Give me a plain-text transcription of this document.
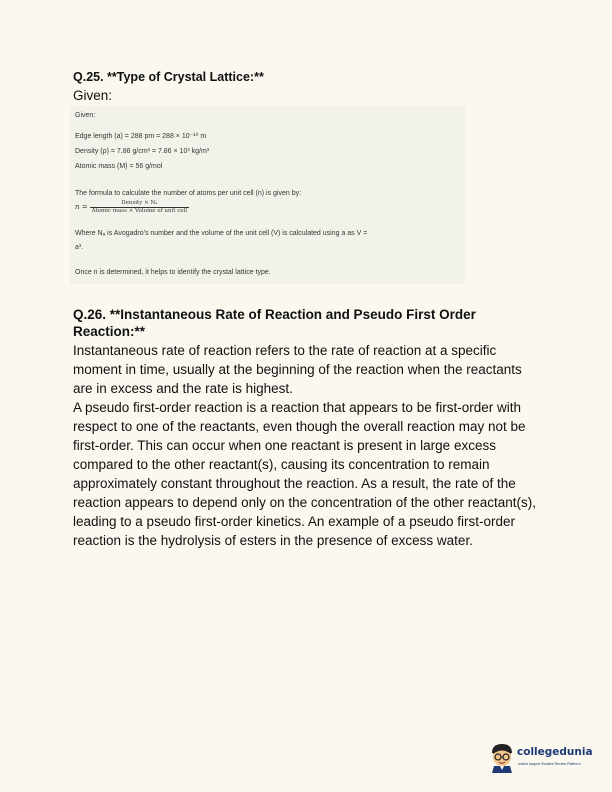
Q.25. **Type of Crystal Lattice:**
Given:
Given:
Edge length (a) = 288 pm = 288 × 10⁻¹⁰ m
Density (ρ) = 7.86 g/cm³ = 7.86 × 10³ kg/m³
Atomic mass (M) = 56 g/mol
The formula to calculate the number of atoms per unit cell (n) is given by:
$n = \frac{\text{Density × Nₐ}}{\text{Atomic mass × Volume of unit cell}}$
Where Nₐ is Avogadro's number and the volume of the unit cell (V) is calculated using a as V =
a³.
Once n is determined, it helps to identify the crystal lattice type.
Q.26. **Instantaneous Rate of Reaction and Pseudo First Order Reaction:**

Instantaneous rate of reaction refers to the rate of reaction at a specific moment in time, usually at the beginning of the reaction when the reactants are in excess and the rate is highest.

A pseudo first-order reaction is a reaction that appears to be first-order with respect to one of the reactants, even though the overall reaction may not be first-order. This can occur when one reactant is present in large excess compared to the other reactant(s), causing its concentration to remain approximately constant throughout the reaction. As a result, the rate of the reaction appears to depend only on the concentration of the other reactant(s), leading to a pseudo first-order kinetics. An example of a pseudo first-order reaction is the hydrolysis of esters in the presence of excess water.

collegedunia
India's largest Student Review Platform
